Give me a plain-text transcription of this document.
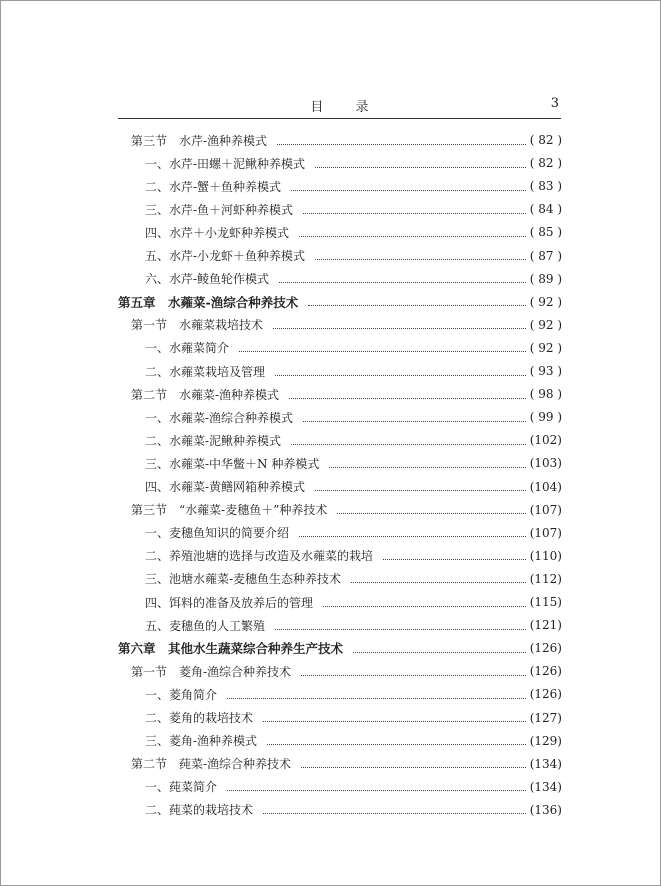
目 录	3
第三节　水芹-渔种养模式	( 82 )
一、水芹-田螺＋泥鳅种养模式	( 82 )
二、水芹-蟹＋鱼种养模式	( 83 )
三、水芹-鱼＋河虾种养模式	( 84 )
四、水芹＋小龙虾种养模式	( 85 )
五、水芹-小龙虾＋鱼种养模式	( 87 )
六、水芹-鲮鱼轮作模式	( 89 )
第五章　水蕹菜-渔综合种养技术	( 92 )
第一节　水蕹菜栽培技术	( 92 )
一、水蕹菜简介	( 92 )
二、水蕹菜栽培及管理	( 93 )
第二节　水蕹菜-渔种养模式	( 98 )
一、水蕹菜-渔综合种养模式	( 99 )
二、水蕹菜-泥鳅种养模式	(102)
三、水蕹菜-中华鳖＋N 种养模式	(103)
四、水蕹菜-黄鳝网箱种养模式	(104)
第三节　“水蕹菜-麦穗鱼＋”种养技术	(107)
一、麦穗鱼知识的简要介绍	(107)
二、养殖池塘的选择与改造及水蕹菜的栽培	(110)
三、池塘水蕹菜-麦穗鱼生态种养技术	(112)
四、饵料的准备及放养后的管理	(115)
五、麦穗鱼的人工繁殖	(121)
第六章　其他水生蔬菜综合种养生产技术	(126)
第一节　菱角-渔综合种养技术	(126)
一、菱角简介	(126)
二、菱角的栽培技术	(127)
三、菱角-渔种养模式	(129)
第二节　莼菜-渔综合种养技术	(134)
一、莼菜简介	(134)
二、莼菜的栽培技术	(136)
